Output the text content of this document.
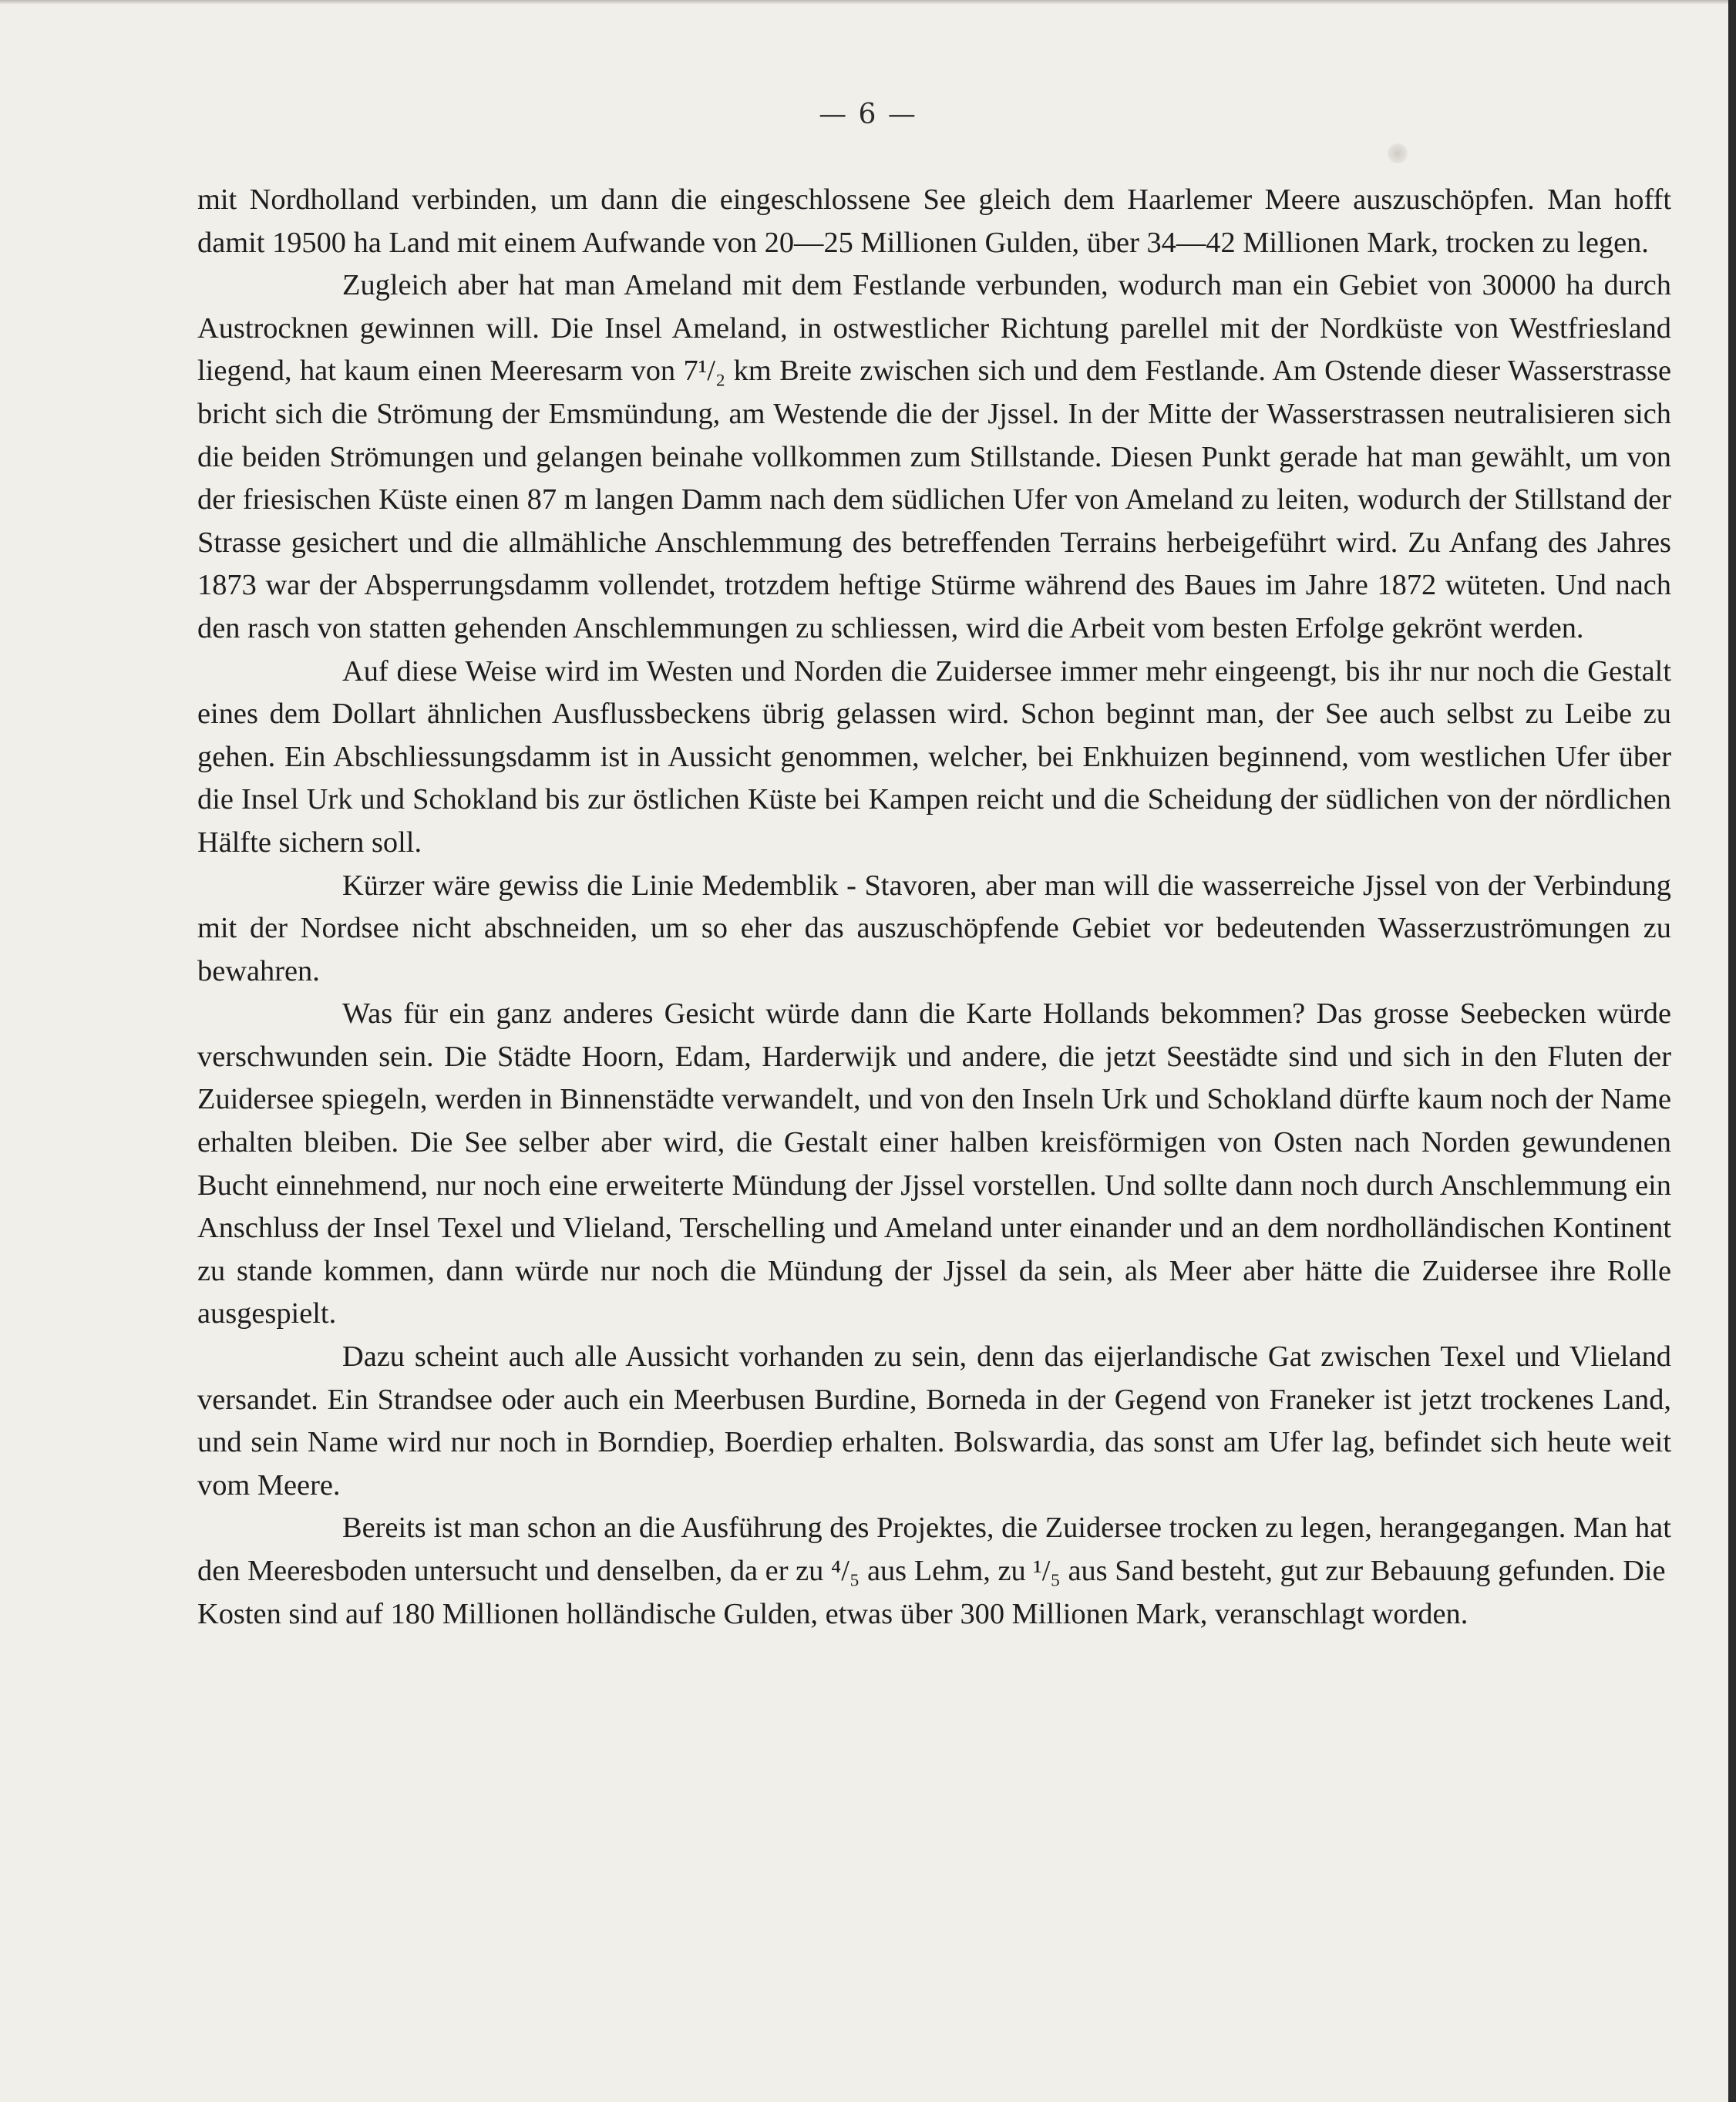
— 6 —

mit Nordholland verbinden, um dann die eingeschlossene See gleich dem Haarlemer Meere auszuschöpfen. Man hofft damit 19500 ha Land mit einem Aufwande von 20—25 Millionen Gulden, über 34—42 Millionen Mark, trocken zu legen.

Zugleich aber hat man Ameland mit dem Festlande verbunden, wodurch man ein Gebiet von 30000 ha durch Austrocknen gewinnen will. Die Insel Ameland, in ostwestlicher Richtung parellel mit der Nordküste von Westfriesland liegend, hat kaum einen Meeresarm von 7¹/₂ km Breite zwischen sich und dem Festlande. Am Ostende dieser Wasserstrasse bricht sich die Strömung der Emsmündung, am Westende die der Jjssel. In der Mitte der Wasserstrassen neutralisieren sich die beiden Strömungen und gelangen beinahe vollkommen zum Stillstande. Diesen Punkt gerade hat man gewählt, um von der friesischen Küste einen 87 m langen Damm nach dem südlichen Ufer von Ameland zu leiten, wodurch der Stillstand der Strasse gesichert und die allmähliche Anschlemmung des betreffenden Terrains herbeigeführt wird. Zu Anfang des Jahres 1873 war der Absperrungsdamm vollendet, trotzdem heftige Stürme während des Baues im Jahre 1872 wüteten. Und nach den rasch von statten gehenden Anschlemmungen zu schliessen, wird die Arbeit vom besten Erfolge gekrönt werden.

Auf diese Weise wird im Westen und Norden die Zuidersee immer mehr eingeengt, bis ihr nur noch die Gestalt eines dem Dollart ähnlichen Ausflussbeckens übrig gelassen wird. Schon beginnt man, der See auch selbst zu Leibe zu gehen. Ein Abschliessungsdamm ist in Aussicht genommen, welcher, bei Enkhuizen beginnend, vom westlichen Ufer über die Insel Urk und Schokland bis zur östlichen Küste bei Kampen reicht und die Scheidung der südlichen von der nördlichen Hälfte sichern soll.

Kürzer wäre gewiss die Linie Medemblik - Stavoren, aber man will die wasserreiche Jjssel von der Verbindung mit der Nordsee nicht abschneiden, um so eher das auszuschöpfende Gebiet vor bedeutenden Wasserzuströmungen zu bewahren.

Was für ein ganz anderes Gesicht würde dann die Karte Hollands bekommen? Das grosse Seebecken würde verschwunden sein. Die Städte Hoorn, Edam, Harderwijk und andere, die jetzt Seestädte sind und sich in den Fluten der Zuidersee spiegeln, werden in Binnenstädte verwandelt, und von den Inseln Urk und Schokland dürfte kaum noch der Name erhalten bleiben. Die See selber aber wird, die Gestalt einer halben kreisförmigen von Osten nach Norden gewundenen Bucht einnehmend, nur noch eine erweiterte Mündung der Jjssel vorstellen. Und sollte dann noch durch Anschlemmung ein Anschluss der Insel Texel und Vlieland, Terschelling und Ameland unter einander und an dem nordholländischen Kontinent zu stande kommen, dann würde nur noch die Mündung der Jjssel da sein, als Meer aber hätte die Zuidersee ihre Rolle ausgespielt.

Dazu scheint auch alle Aussicht vorhanden zu sein, denn das eijerlandische Gat zwischen Texel und Vlieland versandet. Ein Strandsee oder auch ein Meerbusen Burdine, Borneda in der Gegend von Franeker ist jetzt trockenes Land, und sein Name wird nur noch in Borndiep, Boerdiep erhalten. Bolswardia, das sonst am Ufer lag, befindet sich heute weit vom Meere.

Bereits ist man schon an die Ausführung des Projektes, die Zuidersee trocken zu legen, herangegangen. Man hat den Meeresboden untersucht und denselben, da er zu ⁴/₅ aus Lehm, zu ¹/₅ aus Sand besteht, gut zur Bebauung gefunden. Die Kosten sind auf 180 Millionen holländische Gulden, etwas über 300 Millionen Mark, veranschlagt worden.
